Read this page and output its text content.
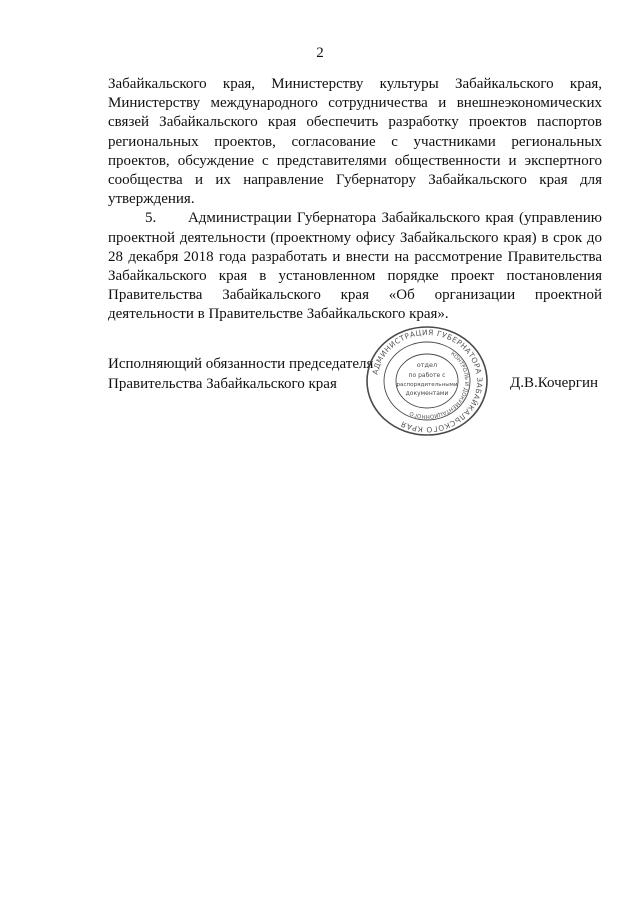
2

Забайкальского края, Министерству культуры Забайкальского края, Министерству международного сотрудничества и внешнеэкономических связей Забайкальского края обеспечить разработку проектов паспортов региональных проектов, согласование с участниками региональных проектов, обсуждение с представителями общественности и экспертного сообщества и их направление Губернатору Забайкальского края для утверждения.

5.      Администрации Губернатора Забайкальского края (управлению проектной деятельности (проектному офису Забайкальского края) в срок до 28 декабря 2018 года разработать и внести на рассмотрение Правительства Забайкальского края в установленном порядке проект постановления Правительства Забайкальского края «Об организации проектной деятельности в Правительстве Забайкальского края».

Исполняющий обязанности председателя
Правительства Забайкальского края	Д.В.Кочергин
АДМИНИСТРАЦИЯ ГУБЕРНАТОРА ЗАБАЙКАЛЬСКОГО КРАЯ
КОНТРОЛЬ И ДОКУМЕНТАЦИОННОГО
отдел
по работе с
распорядительными
документами
